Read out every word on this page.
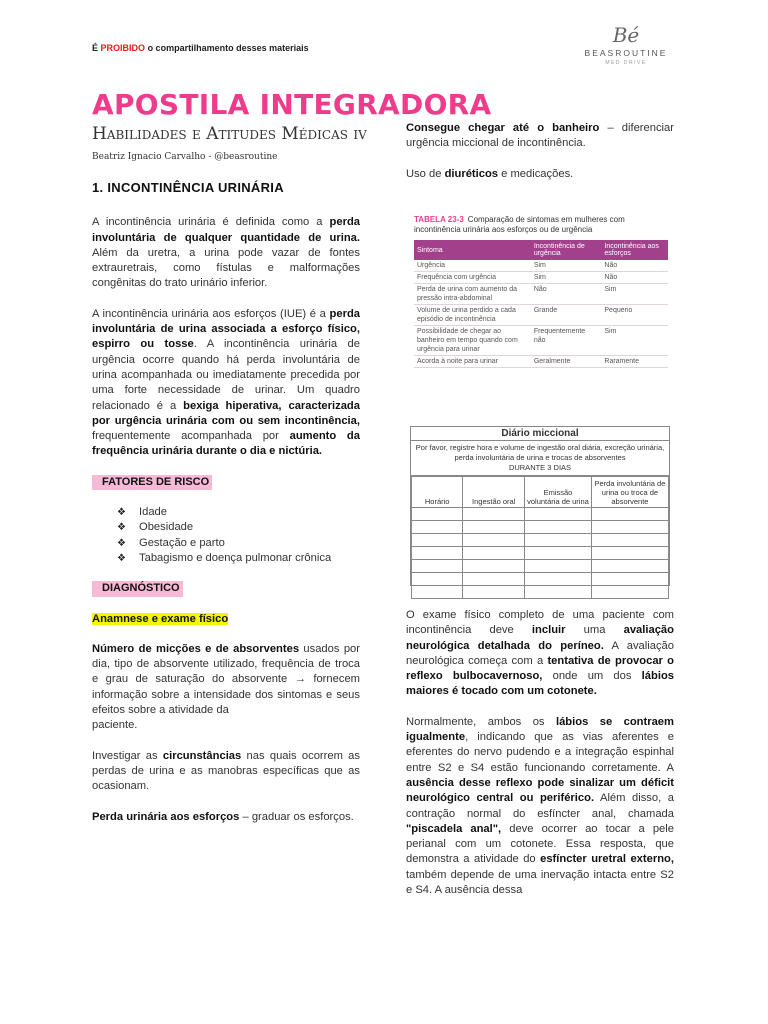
É PROIBIDO o compartilhamento desses materiais
Bé
BEASROUTINE
MED DRIVE
APOSTILA INTEGRADORA
Habilidades e Atitudes Médicas iv
Beatriz Ignacio Carvalho - @beasroutine

1. INCONTINÊNCIA URINÁRIA

A incontinência urinária é definida como a perda involuntária de qualquer quantidade de urina. Além da uretra, a urina pode vazar de fontes extrauretrais, como fístulas e malformações congênitas do trato urinário inferior.

A incontinência urinária aos esforços (IUE) é a perda involuntária de urina associada a esforço físico, espirro ou tosse. A incontinência urinária de urgência ocorre quando há perda involuntária de urina acompanhada ou imediatamente precedida por uma forte necessidade de urinar. Um quadro relacionado é a bexiga hiperativa, caracterizada por urgência urinária com ou sem incontinência, frequentemente acompanhada por aumento da frequência urinária durante o dia e nictúria.

FATORES DE RISCO
❖ Idade
❖ Obesidade
❖ Gestação e parto
❖ Tabagismo e doença pulmonar crônica
DIAGNÓSTICO

Anamnese e exame físico

Número de micções e de absorventes usados por dia, tipo de absorvente utilizado, frequência de troca e grau de saturação do absorvente → fornecem informação sobre a intensidade dos sintomas e seus efeitos sobre a atividade da
paciente.

Investigar as circunstâncias nas quais ocorrem as perdas de urina e as manobras específicas que as ocasionam.

Perda urinária aos esforços – graduar os esforços.

Consegue chegar até o banheiro – diferenciar urgência miccional de incontinência.

Uso de diuréticos e medicações.

TABELA 23-3 Comparação de sintomas em mulheres com incontinência urinária aos esforços ou de urgência
Sintoma	Incontinência de urgência	Incontinência aos esforços
Urgência	Sim	Não
Frequência com urgência	Sim	Não
Perda de urina com aumento da pressão intra-abdominal	Não	Sim
Volume de urina perdido a cada episódio de incontinência	Grande	Pequeno
Possibilidade de chegar ao banheiro em tempo quando com urgência para urinar	Frequentemente não	Sim
Acorda à noite para urinar	Geralmente	Raramente
Diário miccional
Por favor, registre hora e volume de ingestão oral diária, excreção urinária, perda involuntária de urina e trocas de absorventes
DURANTE 3 DIAS
Horário	Ingestão oral	Emissão voluntária de urina	Perda involuntária de urina ou troca de absorvente

O exame físico completo de uma paciente com incontinência deve incluir uma avaliação neurológica detalhada do períneo. A avaliação neurológica começa com a tentativa de provocar o reflexo bulbocavernoso, onde um dos lábios maiores é tocado com um cotonete.

Normalmente, ambos os lábios se contraem igualmente, indicando que as vias aferentes e eferentes do nervo pudendo e a integração espinhal entre S2 e S4 estão funcionando corretamente. A ausência desse reflexo pode sinalizar um déficit neurológico central ou periférico. Além disso, a contração normal do esfíncter anal, chamada "piscadela anal", deve ocorrer ao tocar a pele perianal com um cotonete. Essa resposta, que demonstra a atividade do esfíncter uretral externo, também depende de uma inervação intacta entre S2 e S4. A ausência dessa
